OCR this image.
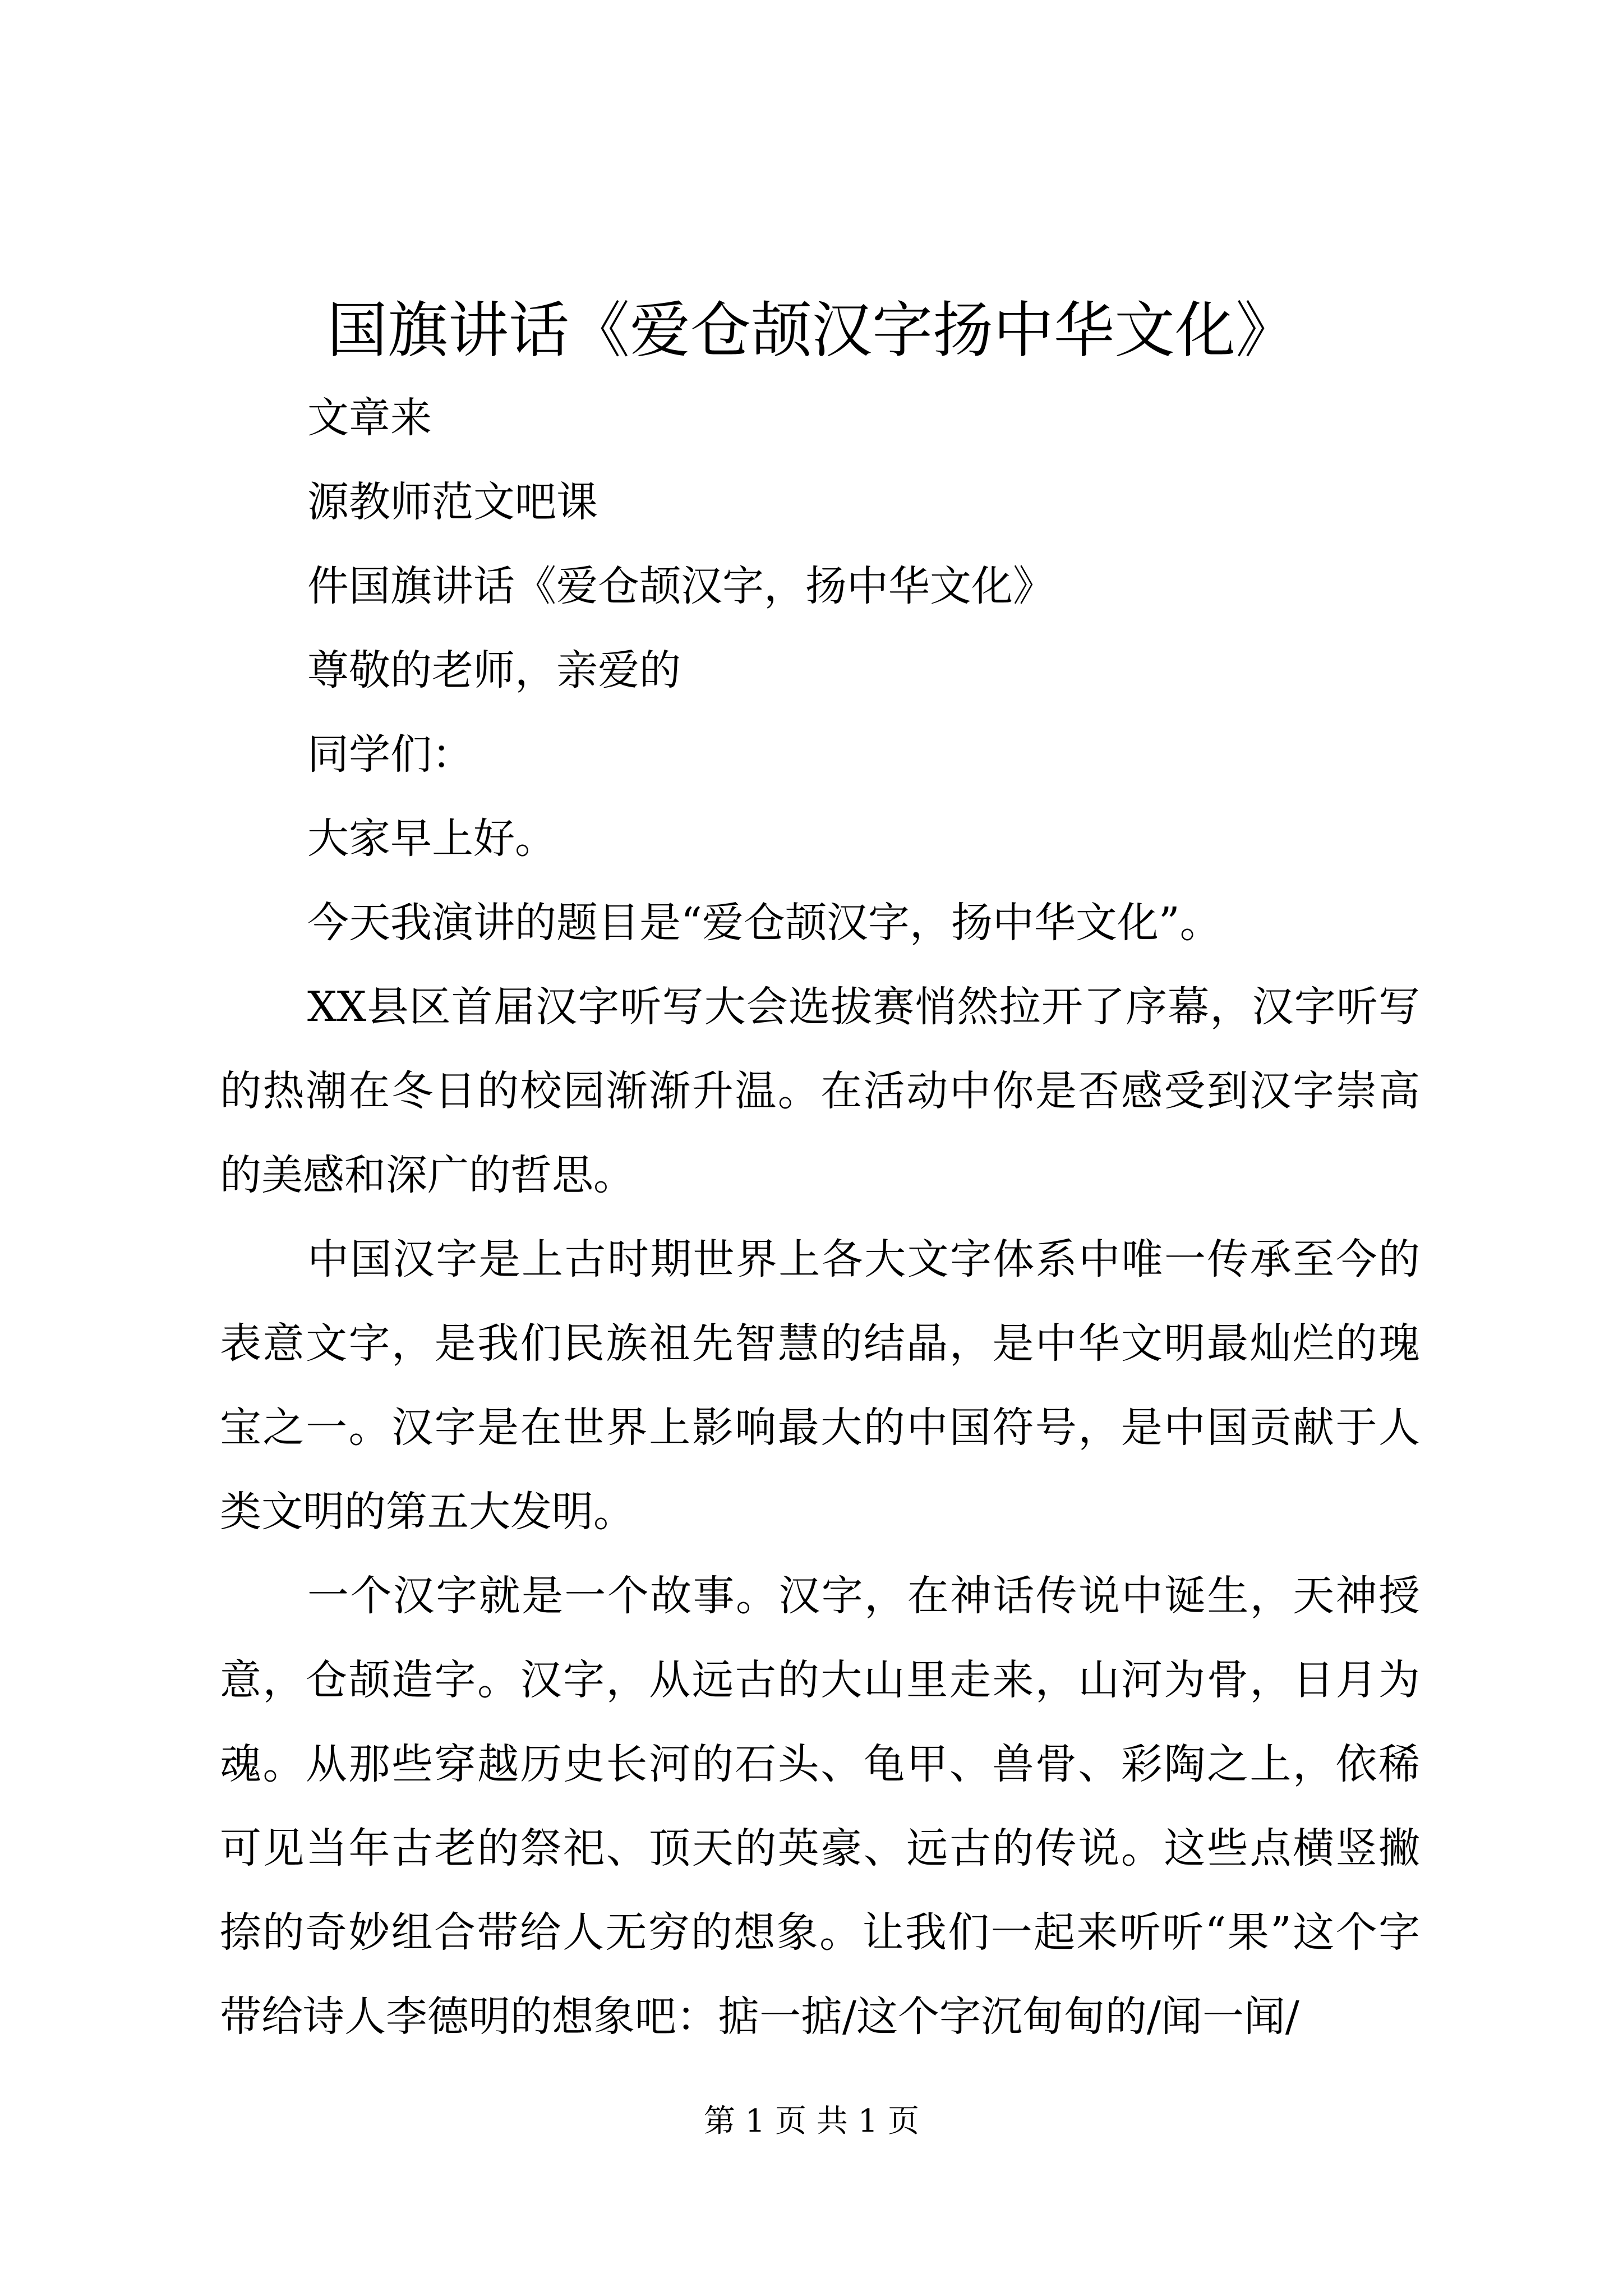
国旗讲话《爱仓颉汉字扬中华文化》
文章来
源教师范文吧课
件国旗讲话《爱仓颉汉字，扬中华文化》
尊敬的老师，亲爱的
同学们：
大家早上好。
今天我演讲的题目是“爱仓颉汉字，扬中华文化”。
XX县区首届汉字听写大会选拔赛悄然拉开了序幕，汉字听写的热潮在冬日的校园渐渐升温。在活动中你是否感受到汉字崇高的美感和深广的哲思。
中国汉字是上古时期世界上各大文字体系中唯一传承至今的表意文字，是我们民族祖先智慧的结晶，是中华文明最灿烂的瑰宝之一。汉字是在世界上影响最大的中国符号，是中国贡献于人类文明的第五大发明。
一个汉字就是一个故事。汉字，在神话传说中诞生，天神授意，仓颉造字。汉字，从远古的大山里走来，山河为骨，日月为魂。从那些穿越历史长河的石头、龟甲、兽骨、彩陶之上，依稀可见当年古老的祭祀、顶天的英豪、远古的传说。这些点横竖撇捺的奇妙组合带给人无穷的想象。让我们一起来听听“果”这个字带给诗人李德明的想象吧：掂一掂/这个字沉甸甸的/闻一闻/
第 1 页 共 1 页
